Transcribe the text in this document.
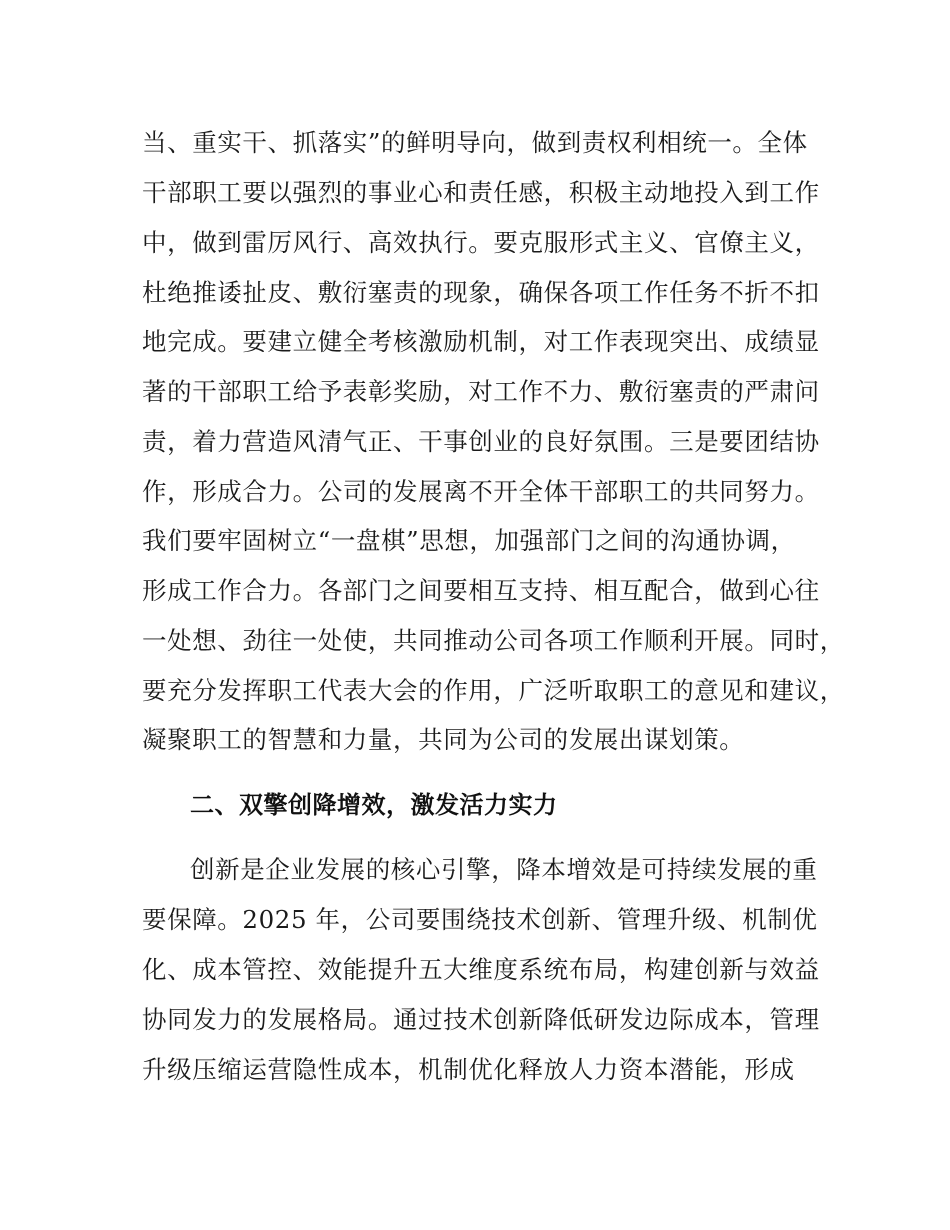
当、重实干、抓落实”的鲜明导向，做到责权利相统一。全体
干部职工要以强烈的事业心和责任感，积极主动地投入到工作
中，做到雷厉风行、高效执行。要克服形式主义、官僚主义，
杜绝推诿扯皮、敷衍塞责的现象，确保各项工作任务不折不扣
地完成。要建立健全考核激励机制，对工作表现突出、成绩显
著的干部职工给予表彰奖励，对工作不力、敷衍塞责的严肃问
责，着力营造风清气正、干事创业的良好氛围。三是要团结协
作，形成合力。公司的发展离不开全体干部职工的共同努力。
我们要牢固树立“一盘棋”思想，加强部门之间的沟通协调，
形成工作合力。各部门之间要相互支持、相互配合，做到心往
一处想、劲往一处使，共同推动公司各项工作顺利开展。同时，
要充分发挥职工代表大会的作用，广泛听取职工的意见和建议，
凝聚职工的智慧和力量，共同为公司的发展出谋划策。
二、双擎创降增效，激发活力实力
创新是企业发展的核心引擎，降本增效是可持续发展的重
要保障。2025 年，公司要围绕技术创新、管理升级、机制优
化、成本管控、效能提升五大维度系统布局，构建创新与效益
协同发力的发展格局。通过技术创新降低研发边际成本，管理
升级压缩运营隐性成本，机制优化释放人力资本潜能，形成
